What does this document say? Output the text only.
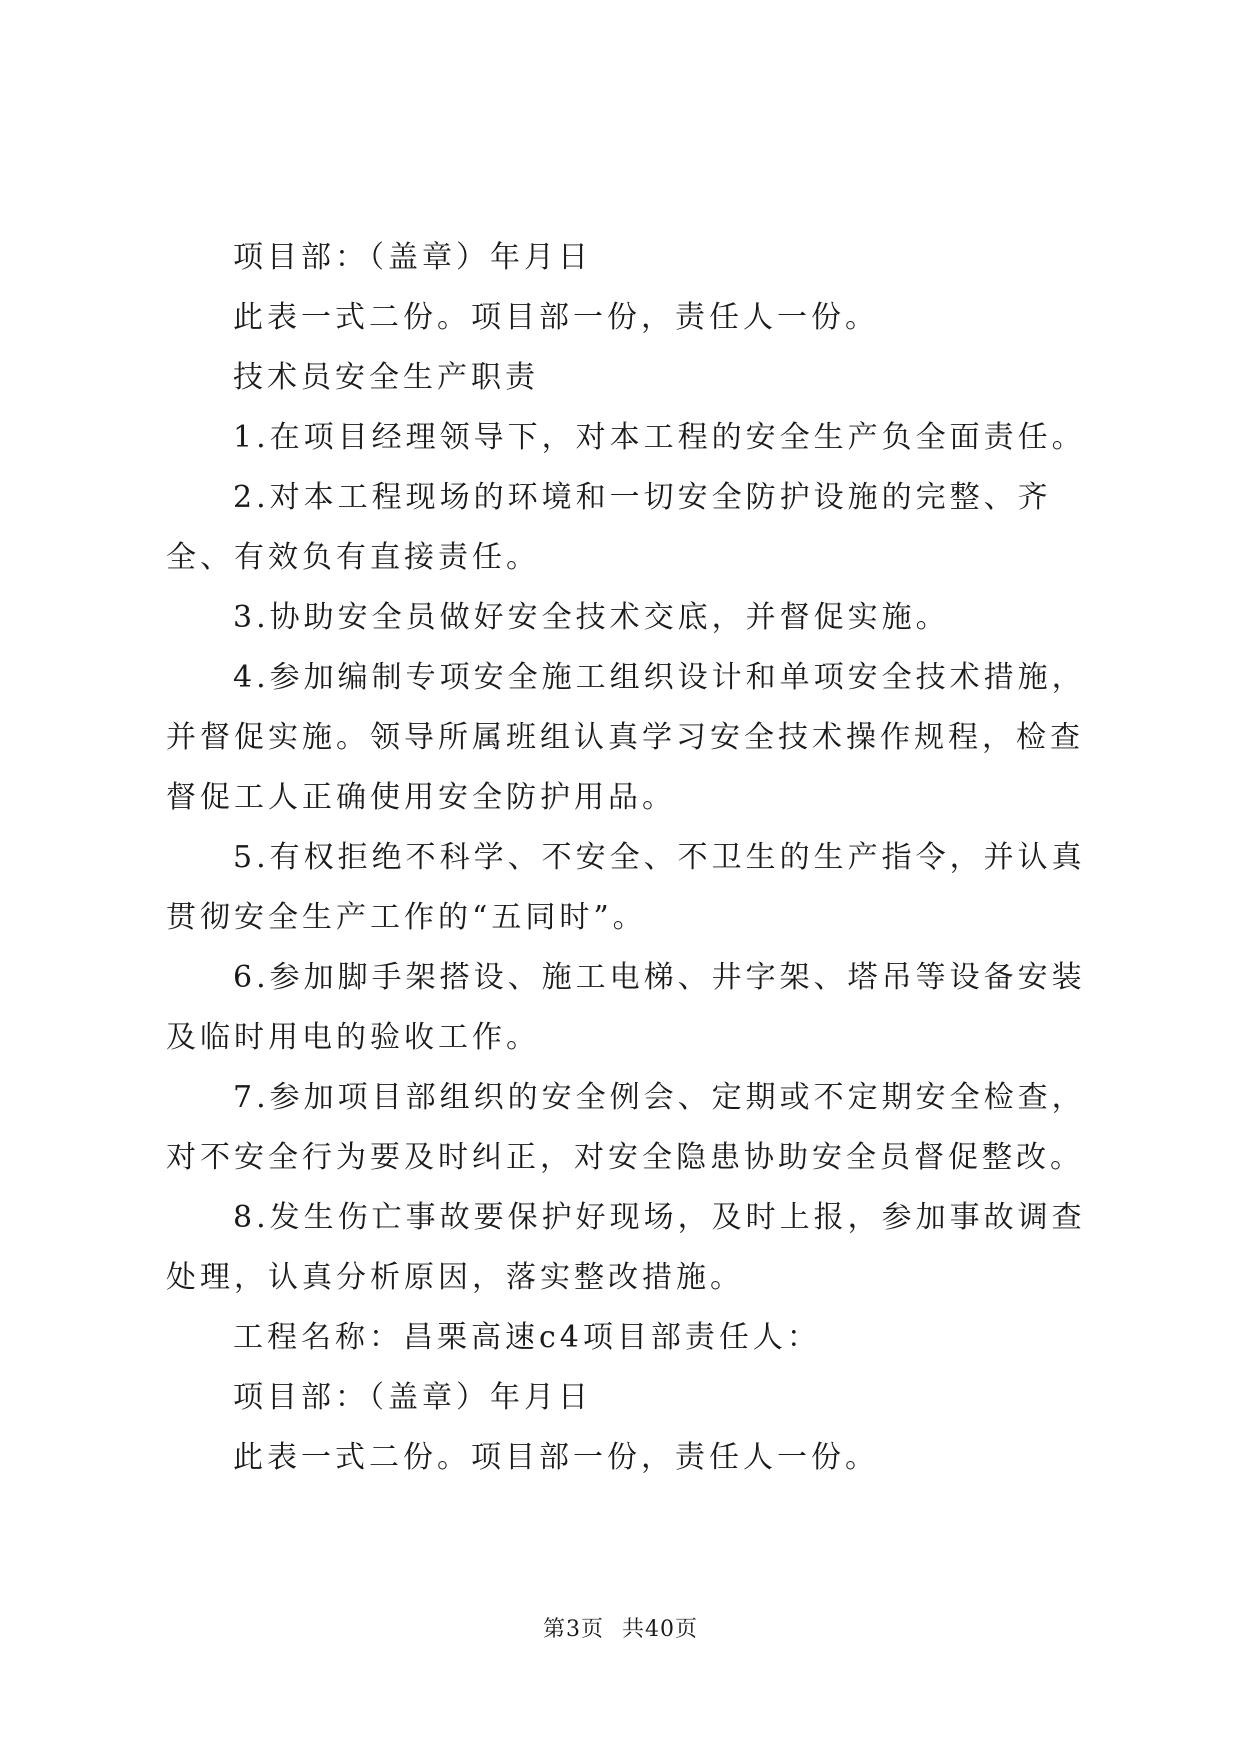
项目部：（盖章）年月日

此表一式二份。项目部一份，责任人一份。

技术员安全生产职责

1.在项目经理领导下，对本工程的安全生产负全面责任。

2.对本工程现场的环境和一切安全防护设施的完整、齐全、有效负有直接责任。

3.协助安全员做好安全技术交底，并督促实施。

4.参加编制专项安全施工组织设计和单项安全技术措施，并督促实施。领导所属班组认真学习安全技术操作规程，检查督促工人正确使用安全防护用品。

5.有权拒绝不科学、不安全、不卫生的生产指令，并认真贯彻安全生产工作的“五同时”。

6.参加脚手架搭设、施工电梯、井字架、塔吊等设备安装及临时用电的验收工作。

7.参加项目部组织的安全例会、定期或不定期安全检查，对不安全行为要及时纠正，对安全隐患协助安全员督促整改。

8.发生伤亡事故要保护好现场，及时上报，参加事故调查处理，认真分析原因，落实整改措施。

工程名称：昌栗高速c4项目部责任人：

项目部：（盖章）年月日

此表一式二份。项目部一份，责任人一份。

第3页 共40页
